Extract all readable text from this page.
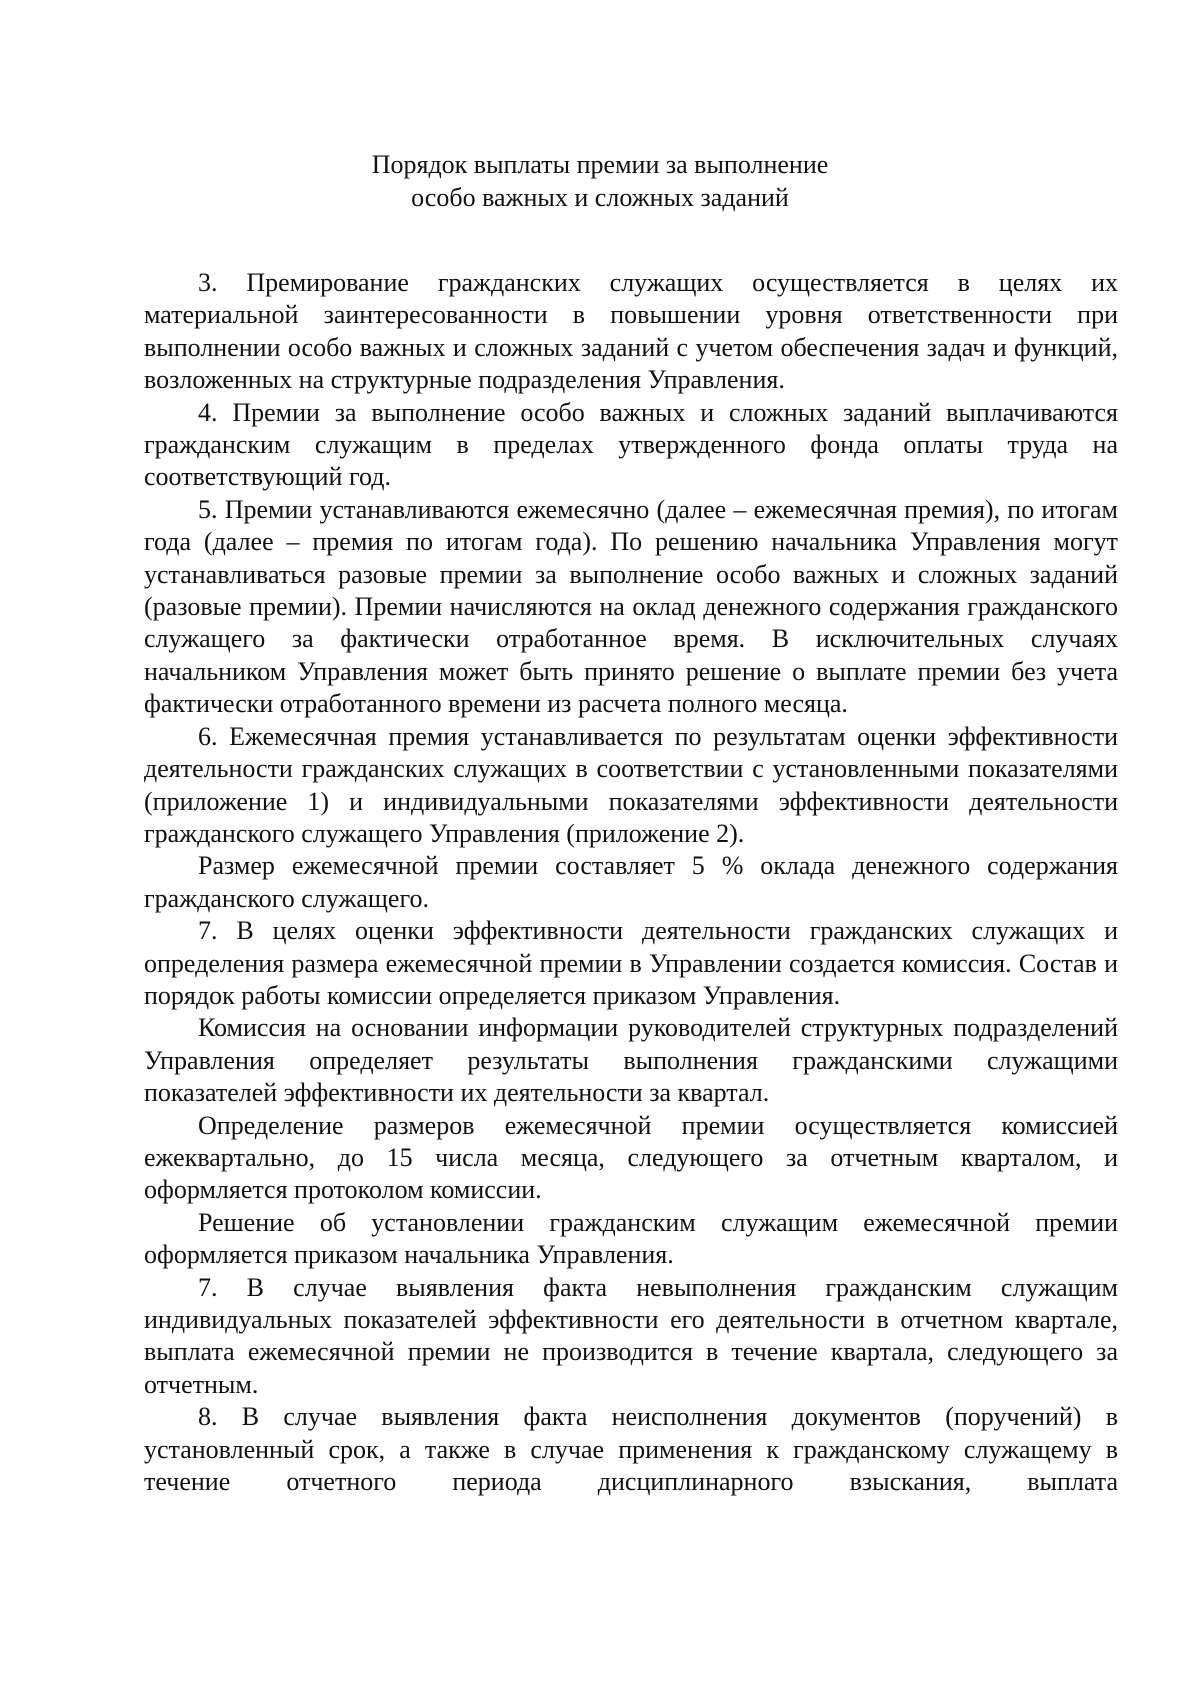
Порядок выплаты премии за выполнение
особо важных и сложных заданий

3. Премирование гражданских служащих осуществляется в целях их материальной заинтересованности в повышении уровня ответственности при выполнении особо важных и сложных заданий с учетом обеспечения задач и функций, возложенных на структурные подразделения Управления.

4. Премии за выполнение особо важных и сложных заданий выплачиваются гражданским служащим в пределах утвержденного фонда оплаты труда на соответствующий год.

5. Премии устанавливаются ежемесячно (далее – ежемесячная премия), по итогам года (далее – премия по итогам года). По решению начальника Управления могут устанавливаться разовые премии за выполнение особо важных и сложных заданий (разовые премии). Премии начисляются на оклад денежного содержания гражданского служащего за фактически отработанное время. В исключительных случаях начальником Управления может быть принято решение о выплате премии без учета фактически отработанного времени из расчета полного месяца.

6. Ежемесячная премия устанавливается по результатам оценки эффективности деятельности гражданских служащих в соответствии с установленными показателями (приложение 1) и индивидуальными показателями эффективности деятельности гражданского служащего Управления (приложение 2).

Размер ежемесячной премии составляет 5 % оклада денежного содержания гражданского служащего.

7. В целях оценки эффективности деятельности гражданских служащих и определения размера ежемесячной премии в Управлении создается комиссия. Состав и порядок работы комиссии определяется приказом Управления.

Комиссия на основании информации руководителей структурных подразделений Управления определяет результаты выполнения гражданскими служащими показателей эффективности их деятельности за квартал.

Определение размеров ежемесячной премии осуществляется комиссией ежеквартально, до 15 числа месяца, следующего за отчетным кварталом, и оформляется протоколом комиссии.

Решение об установлении гражданским служащим ежемесячной премии оформляется приказом начальника Управления.

7. В случае выявления факта невыполнения гражданским служащим индивидуальных показателей эффективности его деятельности в отчетном квартале, выплата ежемесячной премии не производится в течение квартала, следующего за отчетным.

8. В случае выявления факта неисполнения документов (поручений) в установленный срок, а также в случае применения к гражданскому служащему в течение отчетного периода дисциплинарного взыскания, выплата
